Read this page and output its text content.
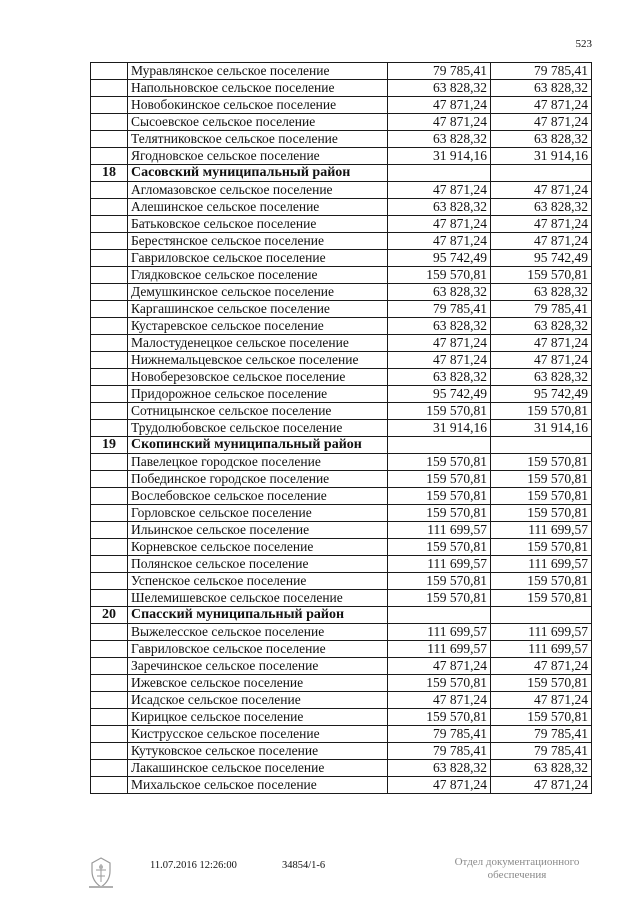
523
	Муравлянское сельское поселение	79 785,41	79 785,41
	Напольновское сельское поселение	63 828,32	63 828,32
	Новобокинское сельское поселение	47 871,24	47 871,24
	Сысоевское сельское поселение	47 871,24	47 871,24
	Телятниковское сельское поселение	63 828,32	63 828,32
	Ягодновское сельское поселение	31 914,16	31 914,16
18	Сасовский муниципальный район		
	Агломазовское сельское поселение	47 871,24	47 871,24
	Алешинское сельское поселение	63 828,32	63 828,32
	Батьковское сельское поселение	47 871,24	47 871,24
	Берестянское сельское поселение	47 871,24	47 871,24
	Гавриловское сельское поселение	95 742,49	95 742,49
	Глядковское сельское поселение	159 570,81	159 570,81
	Демушкинское сельское поселение	63 828,32	63 828,32
	Каргашинское сельское поселение	79 785,41	79 785,41
	Кустаревское сельское поселение	63 828,32	63 828,32
	Малостуденецкое сельское поселение	47 871,24	47 871,24
	Нижнемальцевское сельское поселение	47 871,24	47 871,24
	Новоберезовское сельское поселение	63 828,32	63 828,32
	Придорожное сельское поселение	95 742,49	95 742,49
	Сотницынское сельское поселение	159 570,81	159 570,81
	Трудолюбовское сельское поселение	31 914,16	31 914,16
19	Скопинский муниципальный район		
	Павелецкое городское поселение	159 570,81	159 570,81
	Побединское городское поселение	159 570,81	159 570,81
	Вослебовское сельское поселение	159 570,81	159 570,81
	Горловское сельское поселение	159 570,81	159 570,81
	Ильинское сельское поселение	111 699,57	111 699,57
	Корневское сельское поселение	159 570,81	159 570,81
	Полянское сельское поселение	111 699,57	111 699,57
	Успенское сельское поселение	159 570,81	159 570,81
	Шелемишевское сельское поселение	159 570,81	159 570,81
20	Спасский муниципальный район		
	Выжелесское сельское поселение	111 699,57	111 699,57
	Гавриловское сельское поселение	111 699,57	111 699,57
	Заречинское сельское поселение	47 871,24	47 871,24
	Ижевское сельское поселение	159 570,81	159 570,81
	Исадское сельское поселение	47 871,24	47 871,24
	Кирицкое сельское поселение	159 570,81	159 570,81
	Киструсское сельское поселение	79 785,41	79 785,41
	Кутуковское сельское поселение	79 785,41	79 785,41
	Лакашинское сельское поселение	63 828,32	63 828,32
	Михальское сельское поселение	47 871,24	47 871,24
11.07.2016 12:26:00	34854/1-6	Отдел документационного
обеспечения
